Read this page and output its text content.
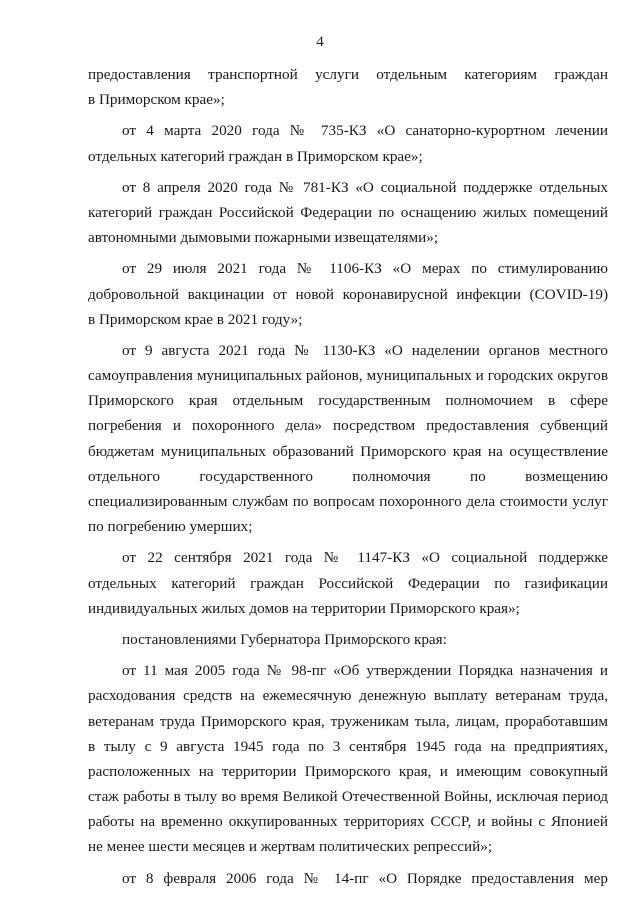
4
предоставления транспортной услуги отдельным категориям граждан
в Приморском крае»;
от 4 марта 2020 года № 735-КЗ «О санаторно-курортном лечении
отдельных категорий граждан в Приморском крае»;
от 8 апреля 2020 года № 781-КЗ «О социальной поддержке отдельных
категорий граждан Российской Федерации по оснащению жилых помещений
автономными дымовыми пожарными извещателями»;
от 29 июля 2021 года № 1106-КЗ «О мерах по стимулированию
добровольной вакцинации от новой коронавирусной инфекции (COVID-19)
в Приморском крае в 2021 году»;
от 9 августа 2021 года № 1130-КЗ «О наделении органов местного
самоуправления муниципальных районов, муниципальных и городских округов
Приморского края отдельным государственным полномочием в сфере
погребения и похоронного дела» посредством предоставления субвенций
бюджетам муниципальных образований Приморского края на осуществление
отдельного государственного полномочия по возмещению
специализированным службам по вопросам похоронного дела стоимости услуг
по погребению умерших;
от 22 сентября 2021 года № 1147-КЗ «О социальной поддержке
отдельных категорий граждан Российской Федерации по газификации
индивидуальных жилых домов на территории Приморского края»;
постановлениями Губернатора Приморского края:
от 11 мая 2005 года № 98-пг «Об утверждении Порядка назначения и
расходования средств на ежемесячную денежную выплату ветеранам труда,
ветеранам труда Приморского края, труженикам тыла, лицам, проработавшим
в тылу с 9 августа 1945 года по 3 сентября 1945 года на предприятиях,
расположенных на территории Приморского края, и имеющим совокупный
стаж работы в тылу во время Великой Отечественной Войны, исключая период
работы на временно оккупированных территориях СССР, и войны с Японией
не менее шести месяцев и жертвам политических репрессий»;
от 8 февраля 2006 года № 14-пг «О Порядке предоставления мер
